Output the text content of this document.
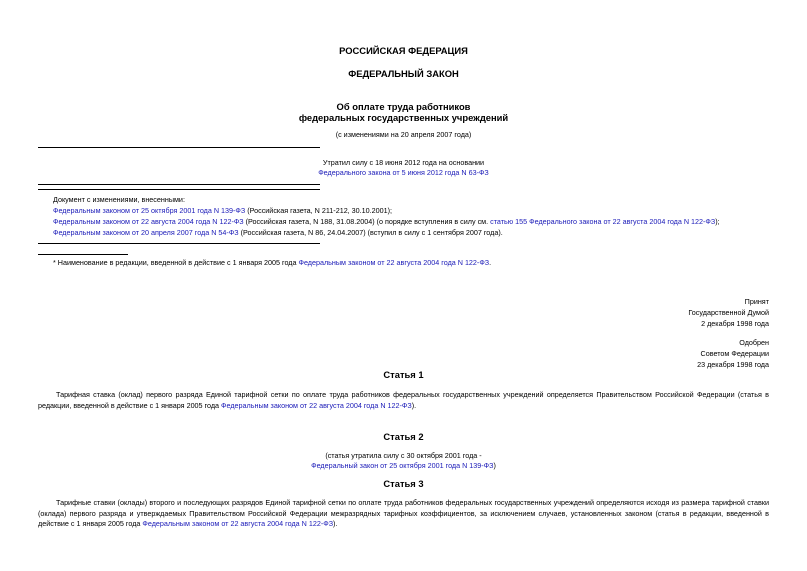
РОССИЙСКАЯ ФЕДЕРАЦИЯ
ФЕДЕРАЛЬНЫЙ ЗАКОН
Об оплате труда работников
федеральных государственных учреждений
(с изменениями на 20 апреля 2007 года)
Утратил силу с 18 июня 2012 года на основании
Федерального закона от 5 июня 2012 года N 63-ФЗ
Документ с изменениями, внесенными:
Федеральным законом от 25 октября 2001 года N 139-ФЗ (Российская газета, N 211-212, 30.10.2001);
Федеральным законом от 22 августа 2004 года N 122-ФЗ (Российская газета, N 188, 31.08.2004) (о порядке вступления в силу см. статью 155 Федерального закона от 22 августа 2004 года N 122-ФЗ);
Федеральным законом от 20 апреля 2007 года N 54-ФЗ (Российская газета, N 86, 24.04.2007) (вступил в силу с 1 сентября 2007 года).
* Наименование в редакции, введенной в действие с 1 января 2005 года Федеральным законом от 22 августа 2004 года N 122-ФЗ.
Принят
Государственной Думой
2 декабря 1998 года
Одобрен
Советом Федерации
23 декабря 1998 года
Статья 1
Тарифная ставка (оклад) первого разряда Единой тарифной сетки по оплате труда работников федеральных государственных учреждений определяется Правительством Российской Федерации (статья в редакции, введенной в действие с 1 января 2005 года Федеральным законом от 22 августа 2004 года N 122-ФЗ).
Статья 2
(статья утратила силу с 30 октября 2001 года -
Федеральный закон от 25 октября 2001 года N 139-ФЗ)
Статья 3
Тарифные ставки (оклады) второго и последующих разрядов Единой тарифной сетки по оплате труда работников федеральных государственных учреждений определяются исходя из размера тарифной ставки (оклада) первого разряда и утверждаемых Правительством Российской Федерации межразрядных тарифных коэффициентов, за исключением случаев, установленных законом (статья в редакции, введенной в действие с 1 января 2005 года Федеральным законом от 22 августа 2004 года N 122-ФЗ).
